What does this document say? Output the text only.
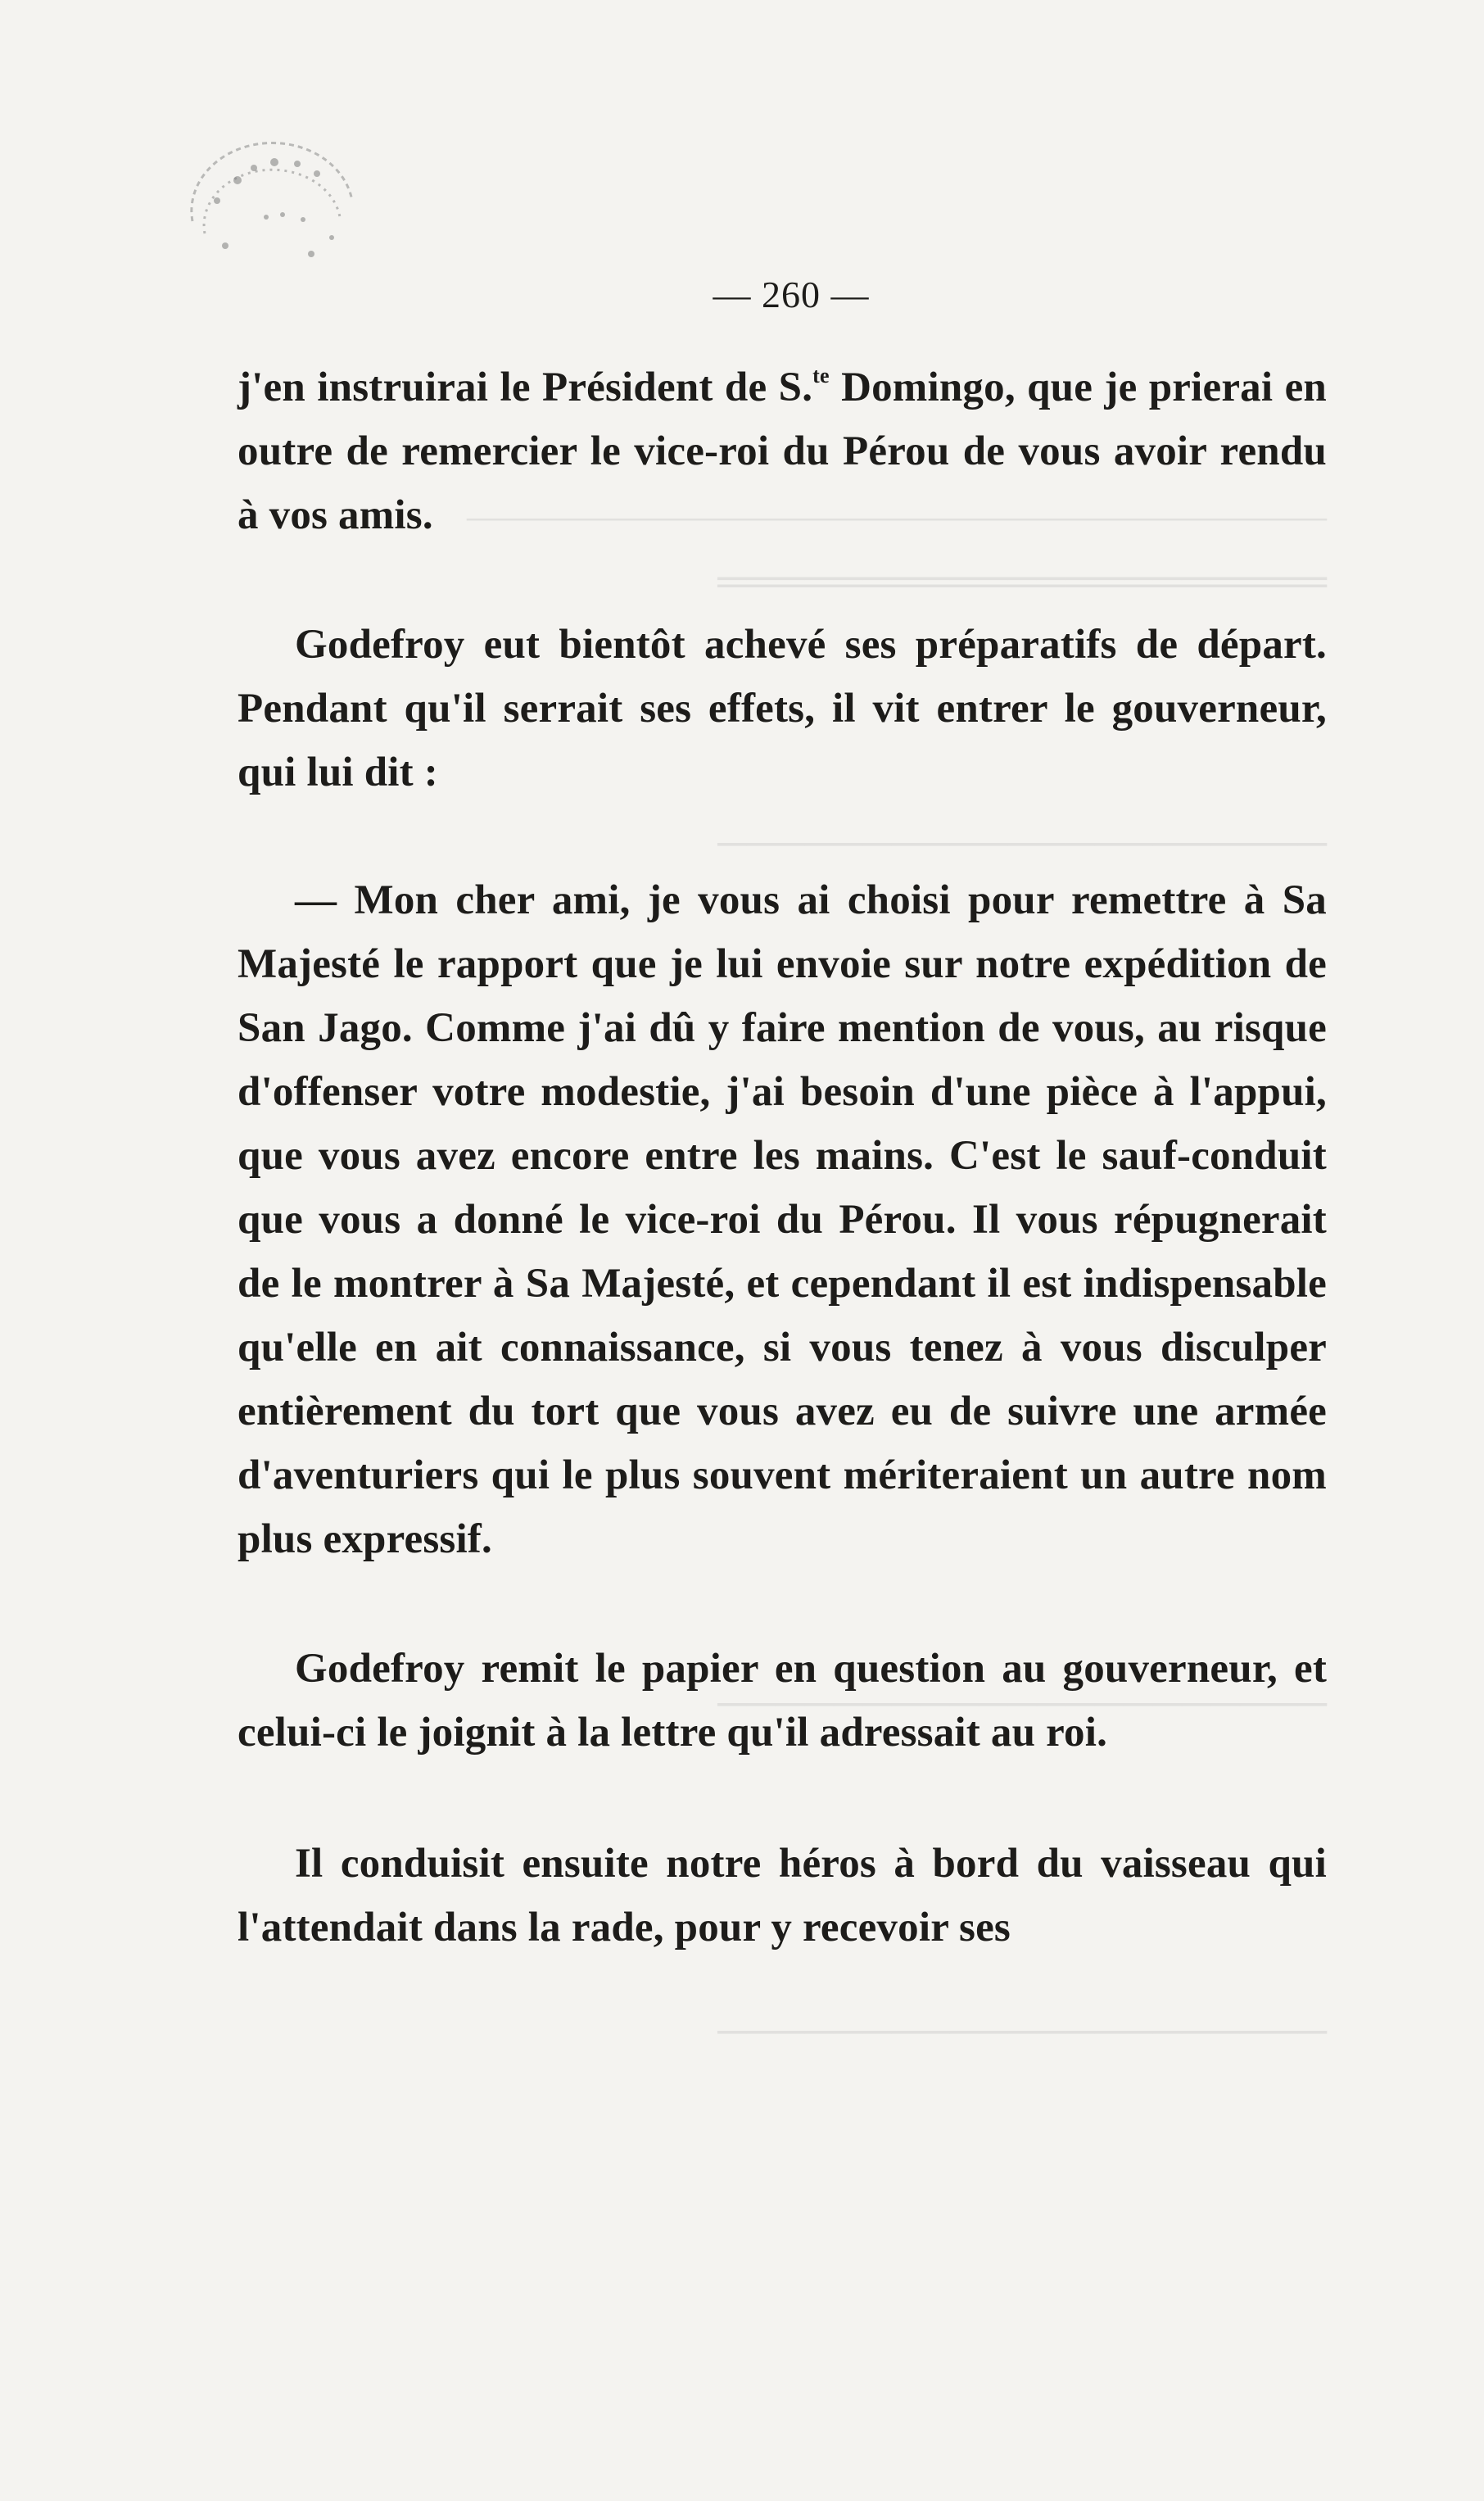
—————————————————————
═════════════════════
─────────────────────
─────────────────────
─────────────────────
— 260 —

j'en instruirai le Président de S.$^{te}$ Domingo, que je prierai en outre de remercier le vice-roi du Pérou de vous avoir rendu à vos amis.

Godefroy eut bientôt achevé ses préparatifs de départ. Pendant qu'il serrait ses effets, il vit entrer le gouverneur, qui lui dit :

— Mon cher ami, je vous ai choisi pour remettre à Sa Majesté le rapport que je lui envoie sur notre expédition de San Jago. Comme j'ai dû y faire mention de vous, au risque d'offenser votre modestie, j'ai besoin d'une pièce à l'appui, que vous avez encore entre les mains. C'est le sauf-conduit que vous a donné le vice-roi du Pérou. Il vous répugnerait de le montrer à Sa Majesté, et cependant il est indispensable qu'elle en ait connaissance, si vous tenez à vous disculper entièrement du tort que vous avez eu de suivre une armée d'aventuriers qui le plus souvent mériteraient un autre nom plus expressif.

Godefroy remit le papier en question au gouverneur, et celui-ci le joignit à la lettre qu'il adressait au roi.

Il conduisit ensuite notre héros à bord du vaisseau qui l'attendait dans la rade, pour y recevoir ses
